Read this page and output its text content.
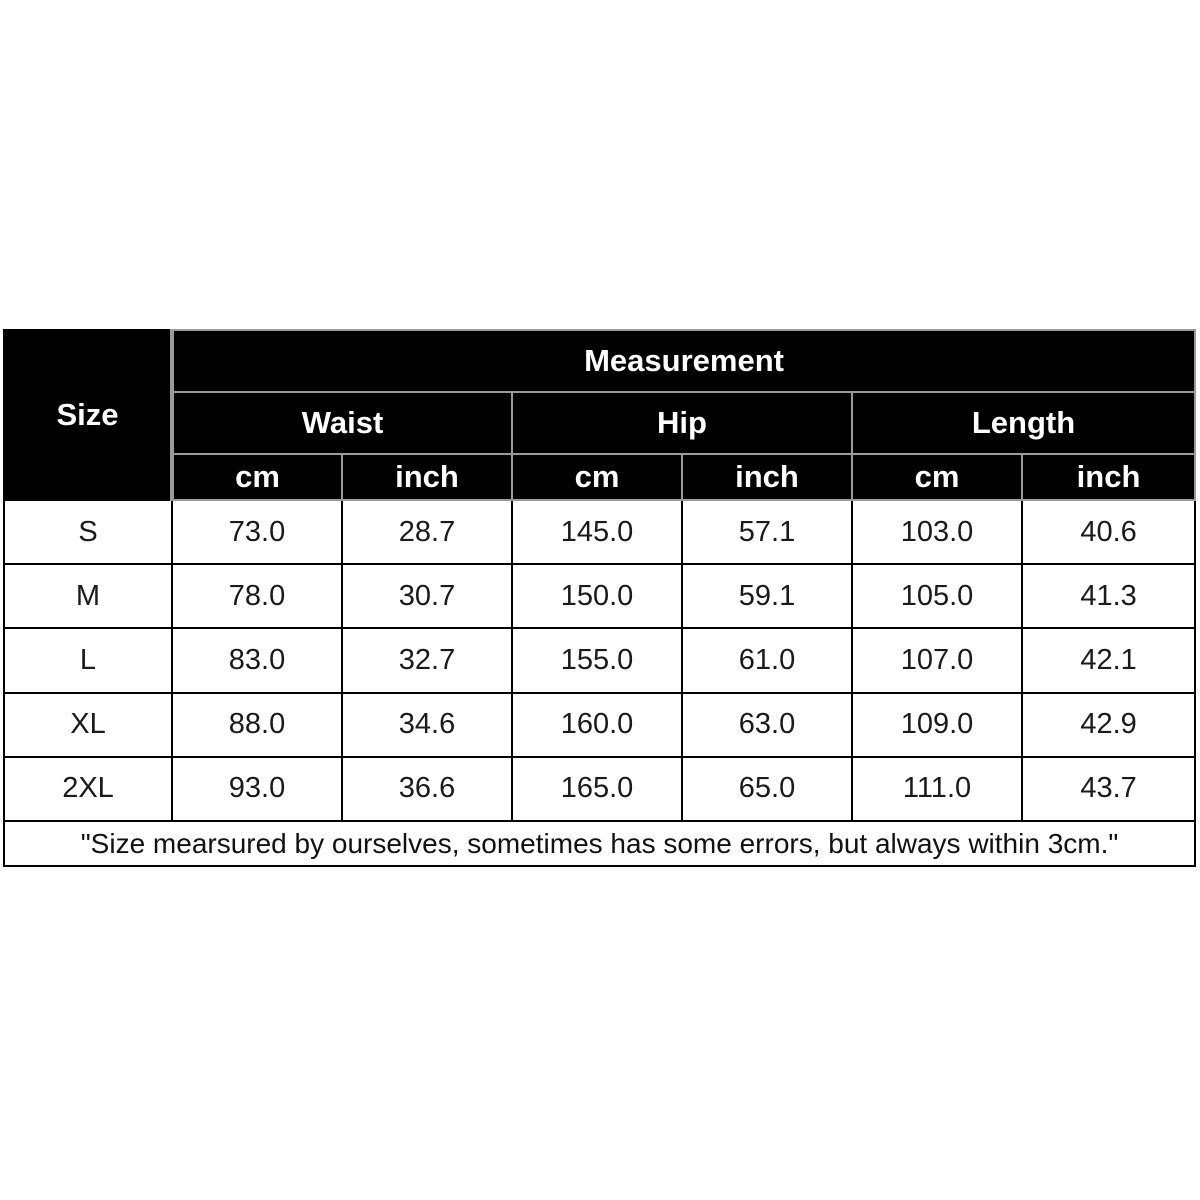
Size	Measurement					
	Waist		Hip		Length	
	cm	inch	cm	inch	cm	inch
S	73.0	28.7	145.0	57.1	103.0	40.6
M	78.0	30.7	150.0	59.1	105.0	41.3
L	83.0	32.7	155.0	61.0	107.0	42.1
XL	88.0	34.6	160.0	63.0	109.0	42.9
2XL	93.0	36.6	165.0	65.0	111.0	43.7
"Size mearsured by ourselves, sometimes has some errors, but always within 3cm."						
